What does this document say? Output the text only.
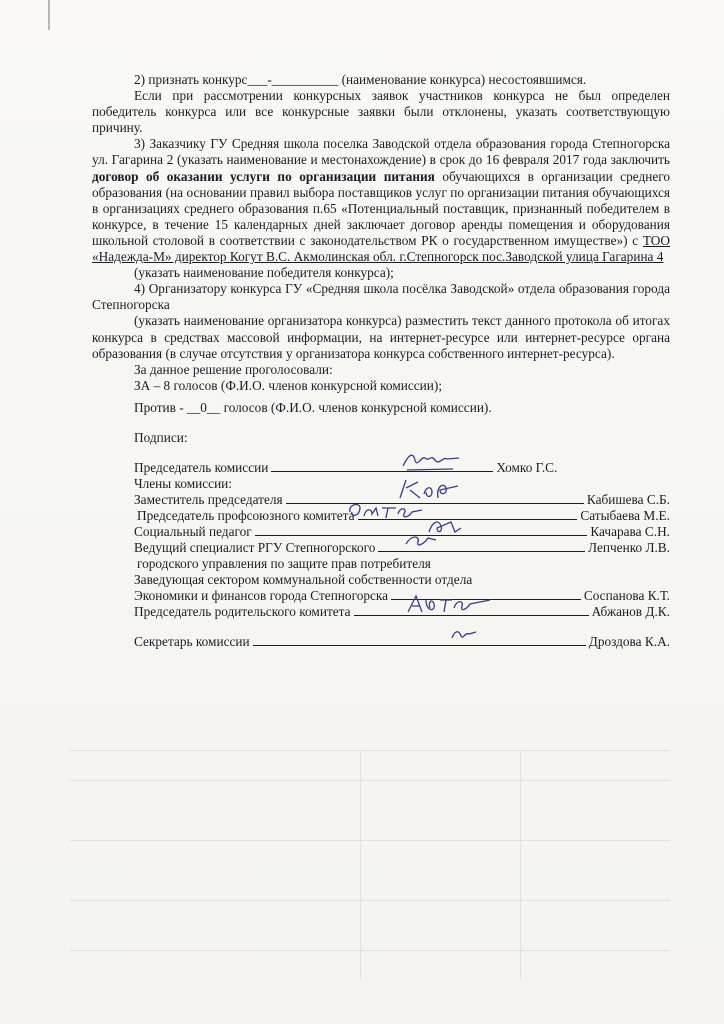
2) признать конкурс___-__________ (наименование конкурса) несостоявшимся.

Если при рассмотрении конкурсных заявок участников конкурса не был определен победитель конкурса или все конкурсные заявки были отклонены, указать соответствующую причину.

3) Заказчику ГУ Средняя школа поселка Заводской отдела образования города Степногорска ул. Гагарина 2 (указать наименование и местонахождение) в срок до 16 февраля 2017 года заключить договор об оказании услуги по организации питания обучающихся в организации среднего образования (на основании правил выбора поставщиков услуг по организации питания обучающихся в организациях среднего образования п.65 «Потенциальный поставщик, признанный победителем в конкурсе, в течение 15 календарных дней заключает договор аренды помещения и оборудования школьной столовой в соответствии с законодательством РК о государственном имуществе») с ТОО «Надежда-М» директор Когут В.С. Акмолинская обл. г.Степногорск пос.Заводской улица Гагарина 4

(указать наименование победителя конкурса);

4) Организатору конкурса ГУ «Средняя школа посёлка Заводской» отдела образования города Степногорска

(указать наименование организатора конкурса) разместить текст данного протокола об итогах конкурса в средствах массовой информации, на интернет-ресурсе или интернет-ресурсе органа образования (в случае отсутствия у организатора конкурса собственного интернет-ресурса).

За данное решение проголосовали:

ЗА – 8 голосов (Ф.И.О. членов конкурсной комиссии);

Против - __0__ голосов (Ф.И.О. членов конкурсной комиссии).

Подписи:

Председатель комиссии	Хомко Г.С.
Члены комиссии:
Заместитель председателя	Кабишева С.Б.
Председатель профсоюзного комитета	Сатыбаева М.Е.
Социальный педагог	Качарава С.Н.
Ведущий специалист РГУ Степногорского	Лепченко Л.В.
городского управления по защите прав потребителя
Заведующая сектором коммунальной собственности отдела
Экономики и финансов города Степногорска	Соспанова К.Т.
Председатель родительского комитета	Абжанов Д.К.
Секретарь комиссии	Дроздова К.А.
